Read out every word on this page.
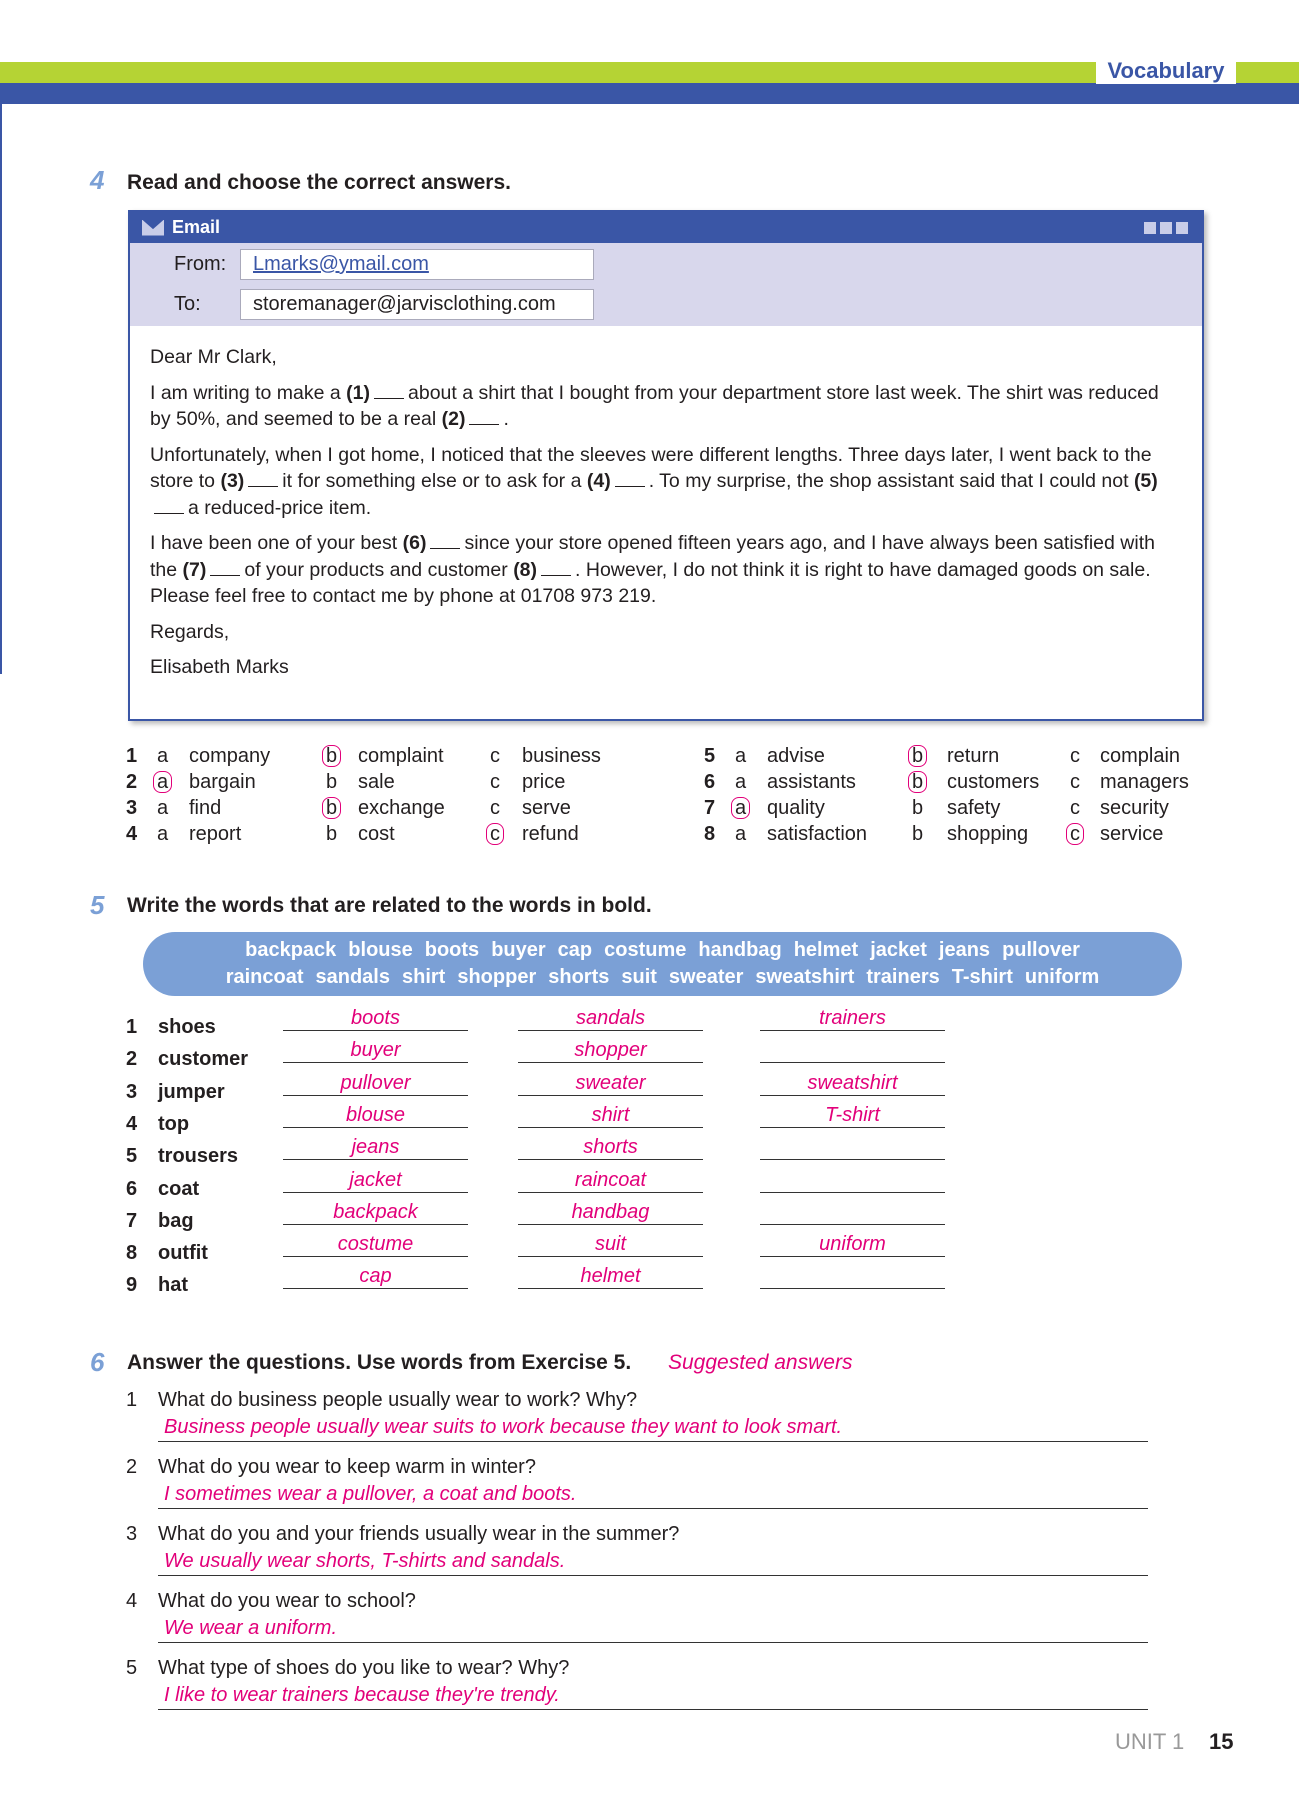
Vocabulary
4 Read and choose the correct answers.
Email
From:	Lmarks@ymail.com
To:	storemanager@jarvisclothing.com

Dear Mr Clark,

I am writing to make a (1) about a shirt that I bought from your department store last week. The shirt was reduced by 50%, and seemed to be a real (2) .

Unfortunately, when I got home, I noticed that the sleeves were different lengths. Three days later, I went back to the store to (3) it for something else or to ask for a (4) . To my surprise, the shop assistant said that I could not (5)a reduced-price item.

I have been one of your best (6) since your store opened fifteen years ago, and I have always been satisfied with the (7) of your products and customer (8) . However, I do not think it is right to have damaged goods on sale.

Please feel free to contact me by phone at 01708 973 219.

Regards,

Elisabeth Marks

1 a company	b complaint c business
2 a bargain	b sale	c price
3 a find	b exchange c serve
4 a report	b cost	c refund
5 a advise	b return	c complain
6 a assistants	b customers c managers
7 a quality	b safety	c security
8 a satisfaction b shopping c service
5 Write the words that are related to the words in bold.
backpack blouse boots buyer cap costume handbag helmet jacket jeans pullover
raincoat sandals shirt shopper shorts suit sweater sweatshirt trainers T-shirt uniform
1 shoes	boots	sandals	trainers
2 customer	buyer	shopper
3 jumper	pullover	sweater	sweatshirt
4 top	blouse	shirt	T-shirt
5 trousers	jeans	shorts
6 coat	jacket	raincoat
7 bag	backpack	handbag
8 outfit	costume	suit	uniform
9 hat	cap	helmet
6 Answer the questions. Use words from Exercise 5. Suggested answers
1 What do business people usually wear to work? Why?
Business people usually wear suits to work because they want to look smart.
2 What do you wear to keep warm in winter?
I sometimes wear a pullover, a coat and boots.
3 What do you and your friends usually wear in the summer?
We usually wear shorts, T-shirts and sandals.
4 What do you wear to school?
We wear a uniform.
5 What type of shoes do you like to wear? Why?
I like to wear trainers because they're trendy.
UNIT 1 15
